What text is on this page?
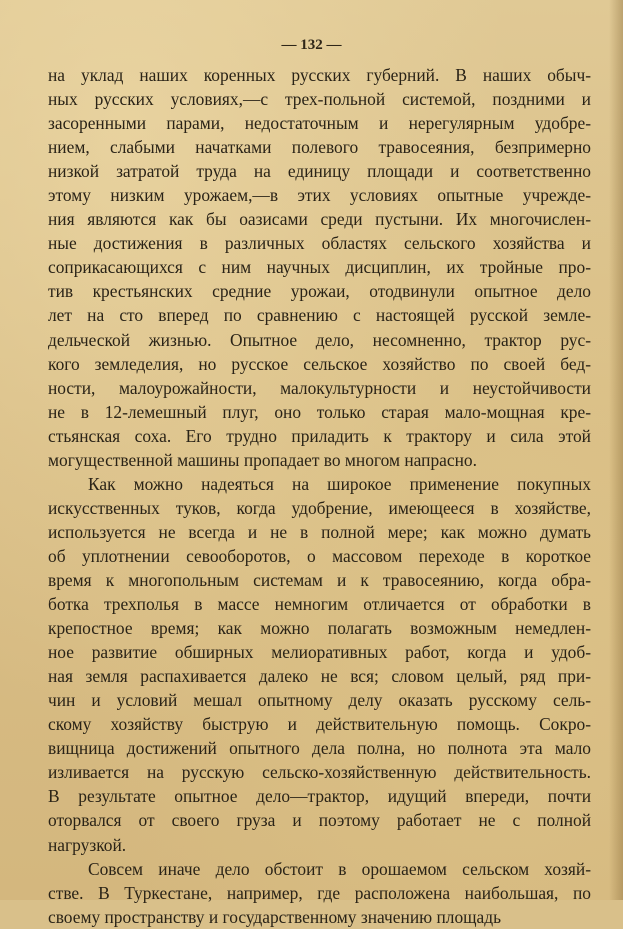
— 132 —
на уклад наших коренных русских губерний. В наших обыч-
ных русских условиях,—с трех-польной системой, поздними и
засоренными парами, недостаточным и нерегулярным удобре-
нием, слабыми начатками полевого травосеяния, безпримерно
низкой затратой труда на единицу площади и соответственно
этому низким урожаем,—в этих условиях опытные учрежде-
ния являются как бы оазисами среди пустыни. Их многочислен-
ные достижения в различных областях сельского хозяйства и
соприкасающихся с ним научных дисциплин, их тройные про-
тив крестьянских средние урожаи, отодвинули опытное дело
лет на сто вперед по сравнению с настоящей русской земле-
дельческой жизнью. Опытное дело, несомненно, трактор рус-
кого земледелия, но русское сельское хозяйство по своей бед-
ности, малоурожайности, малокультурности и неустойчивости
не в 12-лемешный плуг, оно только старая мало-мощная кре-
стьянская соха. Его трудно приладить к трактору и сила этой
могущественной машины пропадает во многом напрасно.
Как можно надеяться на широкое применение покупных
искусственных туков, когда удобрение, имеющееся в хозяйстве,
используется не всегда и не в полной мере; как можно думать
об уплотнении севооборотов, о массовом переходе в короткое
время к многопольным системам и к травосеянию, когда обра-
ботка трехполья в массе немногим отличается от обработки в
крепостное время; как можно полагать возможным немедлен-
ное развитие обширных мелиоративных работ, когда и удоб-
ная земля распахивается далеко не вся; словом целый, ряд при-
чин и условий мешал опытному делу оказать русскому сель-
скому хозяйству быструю и действительную помощь. Сокро-
вищница достижений опытного дела полна, но полнота эта мало
изливается на русскую сельско-хозяйственную действительность.
В результате опытное дело—трактор, идущий впереди, почти
оторвался от своего груза и поэтому работает не с полной
нагрузкой.
Совсем иначе дело обстоит в орошаемом сельском хозяй-
стве. В Туркестане, например, где расположена наибольшая, по
своему пространству и государственному значению площадь
